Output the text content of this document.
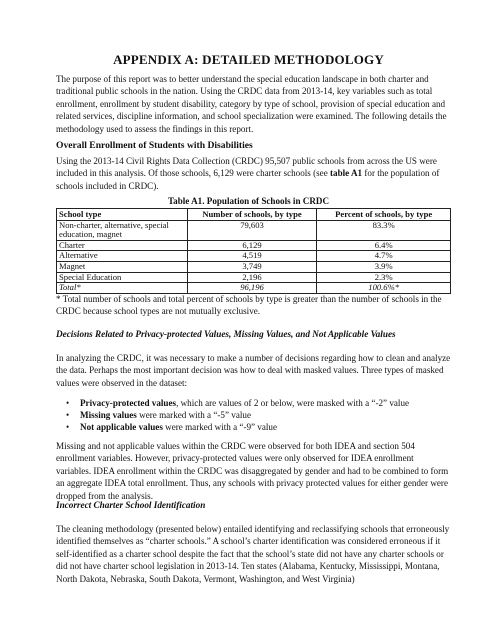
APPENDIX A: DETAILED METHODOLOGY
The purpose of this report was to better understand the special education landscape in both charter and traditional public schools in the nation. Using the CRDC data from 2013-14, key variables such as total enrollment, enrollment by student disability, category by type of school, provision of special education and related services, discipline information, and school specialization were examined. The following details the methodology used to assess the findings in this report.
Overall Enrollment of Students with Disabilities
Using the 2013-14 Civil Rights Data Collection (CRDC) 95,507 public schools from across the US were included in this analysis. Of those schools, 6,129 were charter schools (see table A1 for the population of schools included in CRDC).
Table A1. Population of Schools in CRDC
School type	Number of schools, by type	Percent of schools, by type
Non-charter, alternative, special education, magnet	79,603	83.3%
Charter	6,129	6.4%
Alternative	4,519	4.7%
Magnet	3,749	3.9%
Special Education	2,196	2.3%
Total*	96,196	100.6%*
* Total number of schools and total percent of schools by type is greater than the number of schools in the CRDC because school types are not mutually exclusive.
Decisions Related to Privacy-protected Values, Missing Values, and Not Applicable Values
In analyzing the CRDC, it was necessary to make a number of decisions regarding how to clean and analyze the data. Perhaps the most important decision was how to deal with masked values. Three types of masked values were observed in the dataset:
• Privacy-protected values, which are values of 2 or below, were masked with a “-2” value
• Missing values were marked with a “-5” value
• Not applicable values were marked with a “-9” value
Missing and not applicable values within the CRDC were observed for both IDEA and section 504 enrollment variables. However, privacy-protected values were only observed for IDEA enrollment variables. IDEA enrollment within the CRDC was disaggregated by gender and had to be combined to form an aggregate IDEA total enrollment. Thus, any schools with privacy protected values for either gender were dropped from the analysis.
Incorrect Charter School Identification
The cleaning methodology (presented below) entailed identifying and reclassifying schools that erroneously identified themselves as “charter schools.” A school’s charter identification was considered erroneous if it self-identified as a charter school despite the fact that the school’s state did not have any charter schools or did not have charter school legislation in 2013-14. Ten states (Alabama, Kentucky, Mississippi, Montana, North Dakota, Nebraska, South Dakota, Vermont, Washington, and West Virginia)
